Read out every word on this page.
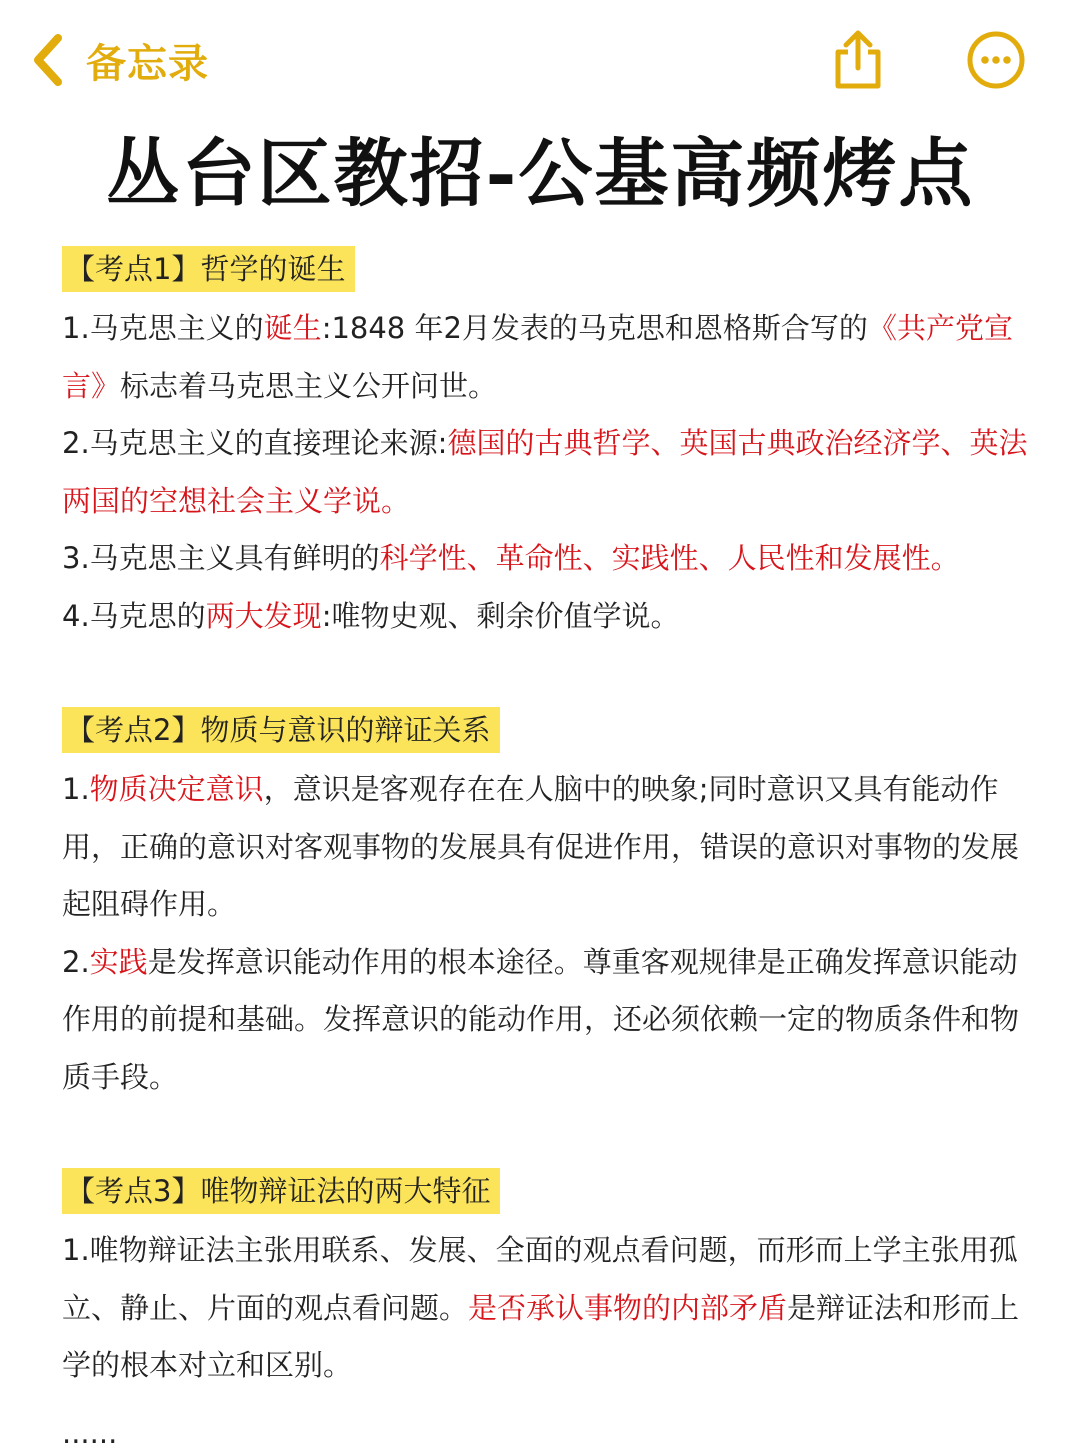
备忘录
丛台区教招-公基高频烤点
【考点1】哲学的诞生

1.马克思主义的诞生:1848 年2月发表的马克思和恩格斯合写的《共产党宣言》标志着马克思主义公开问世。

2.马克思主义的直接理论来源:德国的古典哲学、英国古典政治经济学、英法两国的空想社会主义学说。

3.马克思主义具有鲜明的科学性、革命性、实践性、人民性和发展性。

4.马克思的两大发现:唯物史观、剩余价值学说。

【考点2】物质与意识的辩证关系

1.物质决定意识，意识是客观存在在人脑中的映象;同时意识又具有能动作用，正确的意识对客观事物的发展具有促进作用，错误的意识对事物的发展起阻碍作用。

2.实践是发挥意识能动作用的根本途径。尊重客观规律是正确发挥意识能动作用的前提和基础。发挥意识的能动作用，还必须依赖一定的物质条件和物质手段。

【考点3】唯物辩证法的两大特征

1.唯物辩证法主张用联系、发展、全面的观点看问题，而形而上学主张用孤立、静止、片面的观点看问题。是否承认事物的内部矛盾是辩证法和形而上学的根本对立和区别。

......
